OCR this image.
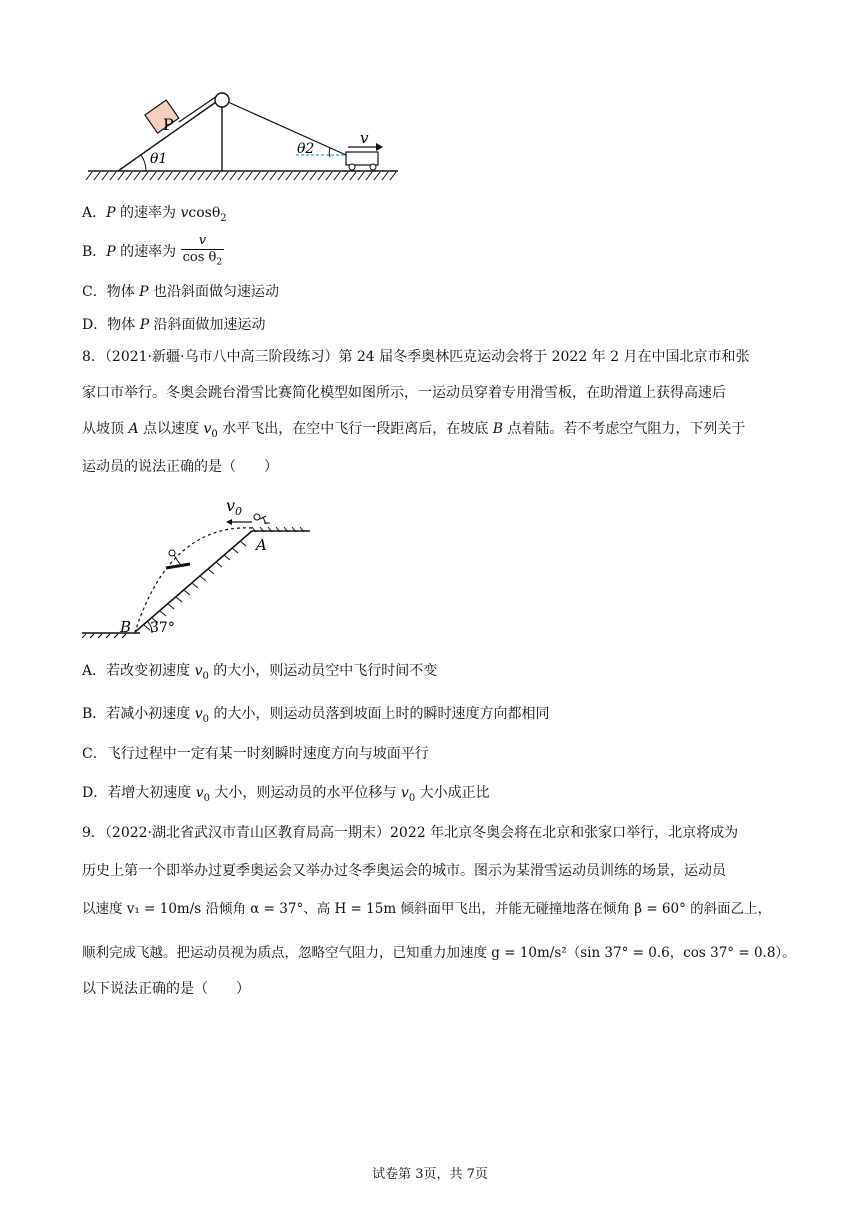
P
θ1
θ2
v
A．P 的速率为 vcosθ$_2$
B．P 的速率为 $\frac{v}{\cos \theta_2}$
C．物体 P 也沿斜面做匀速运动
D．物体 P 沿斜面做加速运动
8．（2021·新疆·乌市八中高三阶段练习）第 24 届冬季奥林匹克运动会将于 2022 年 2 月在中国北京市和张
家口市举行。冬奥会跳台滑雪比赛简化模型如图所示，一运动员穿着专用滑雪板，在助滑道上获得高速后
从坡顶 A 点以速度 $v_0$ 水平飞出，在空中飞行一段距离后，在坡底 B 点着陆。若不考虑空气阻力，下列关于
运动员的说法正确的是（　　）
$v_0$
A
B 37°
A．若改变初速度 $v_0$ 的大小，则运动员空中飞行时间不变
B．若减小初速度 $v_0$ 的大小，则运动员落到坡面上时的瞬时速度方向都相同
C．飞行过程中一定有某一时刻瞬时速度方向与坡面平行
D．若增大初速度 $v_0$ 大小，则运动员的水平位移与 $v_0$ 大小成正比
9．（2022·湖北省武汉市青山区教育局高一期末）2022 年北京冬奥会将在北京和张家口举行，北京将成为
历史上第一个即举办过夏季奥运会又举办过冬季奥运会的城市。图示为某滑雪运动员训练的场景，运动员
以速度 v₁ = 10m/s 沿倾角 α = 37°、高 H = 15m 倾斜面甲飞出，并能无碰撞地落在倾角 β = 60° 的斜面乙上，
顺利完成飞越。把运动员视为质点，忽略空气阻力，已知重力加速度 g = 10m/s²（sin 37° = 0.6，cos 37° = 0.8）。
以下说法正确的是（　　）
试卷第 3页，共 7页
